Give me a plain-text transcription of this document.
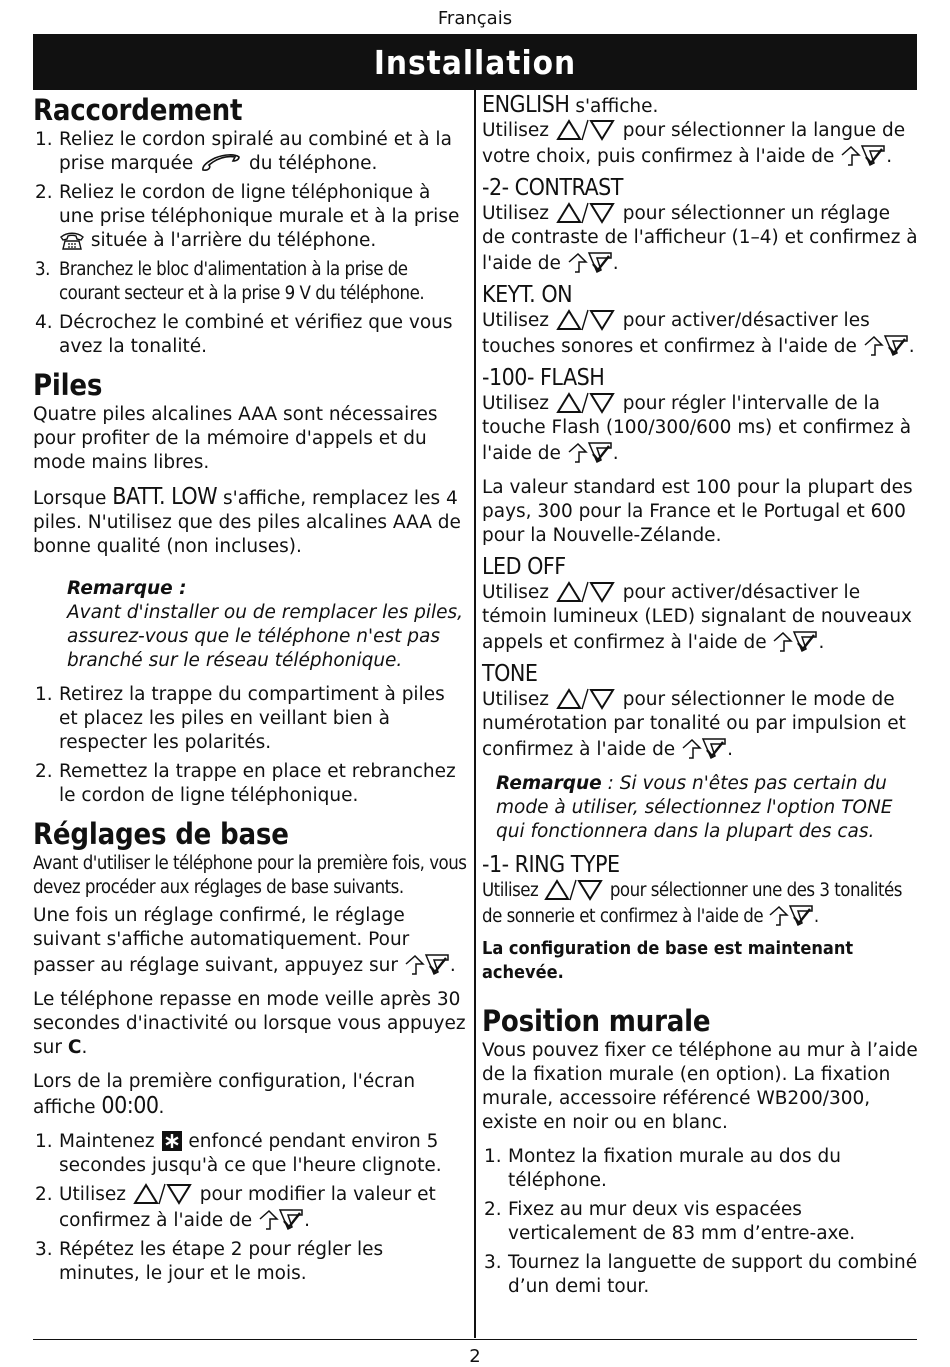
Français
Installation
2
Raccordement
1. Reliez le cordon spiralé au combiné et à la prise marquée	du téléphone.
2. Reliez le cordon de ligne téléphonique à une prise téléphonique murale et à la prise
située à l'arrière du téléphone.
3. Branchez le bloc d'alimentation à la prise de courant secteur et à la prise 9 V du téléphone.
4. Décrochez le combiné et vérifiez que vous avez la tonalité.
Piles

Quatre piles alcalines AAA sont nécessaires pour profiter de la mémoire d'appels et du mode mains libres.

Lorsque BATT. LOW s'affiche, remplacez les 4 piles. N'utilisez que des piles alcalines AAA de bonne qualité (non incluses).

Remarque :
Avant d'installer ou de remplacer les piles, assurez-vous que le téléphone n'est pas branché sur le réseau téléphonique.
1. Retirez la trappe du compartiment à piles et placez les piles en veillant bien à respecter les polarités.
2. Remettez la trappe en place et rebranchez le cordon de ligne téléphonique.
Réglages de base

Avant d'utiliser le téléphone pour la première fois, vous devez procéder aux réglages de base suivants.

Une fois un réglage confirmé, le réglage suivant s'affiche automatiquement. Pour passer au réglage suivant, appuyez sur	.

Le téléphone repasse en mode veille après 30 secondes d'inactivité ou lorsque vous appuyez sur C.

Lors de la première configuration, l'écran affiche 00:00.

1. Maintenez enfoncé pendant environ 5 secondes jusqu'à ce que l'heure clignote.
2. Utilisez	pour modifier la valeur et confirmez à l'aide de	.
3. Répétez les étape 2 pour régler les minutes, le jour et le mois.
ENGLISH s'affiche.

Utilisez	pour sélectionner la langue de votre choix, puis confirmez à l'aide de	.

-2- CONTRAST

Utilisez	pour sélectionner un réglage de contraste de l'afficheur (1–4) et confirmez à l'aide de	.

KEYT. ON

Utilisez	pour activer/désactiver les touches sonores et confirmez à l'aide de	.

-100- FLASH

Utilisez	pour régler l'intervalle de la touche Flash (100/300/600 ms) et confirmez à l'aide de	.

La valeur standard est 100 pour la plupart des pays, 300 pour la France et le Portugal et 600 pour la Nouvelle-Zélande.

LED OFF

Utilisez	pour activer/désactiver le témoin lumineux (LED) signalant de nouveaux appels et confirmez à l'aide de	.

TONE

Utilisez	pour sélectionner le mode de numérotation par tonalité ou par impulsion et confirmez à l'aide de	.

Remarque : Si vous n'êtes pas certain du mode à utiliser, sélectionnez l'option TONE qui fonctionnera dans la plupart des cas.
-1- RING TYPE

Utilisez	pour sélectionner une des 3 tonalités de sonnerie et confirmez à l'aide de	.

La configuration de base est maintenant achevée.

Position murale

Vous pouvez fixer ce téléphone au mur à l’aide de la fixation murale (en option). La fixation murale, accessoire référencé WB200/300, existe en noir ou en blanc.

1. Montez la fixation murale au dos du téléphone.
2. Fixez au mur deux vis espacées verticalement de 83 mm d’entre-axe.
3. Tournez la languette de support du combiné d’un demi tour.
